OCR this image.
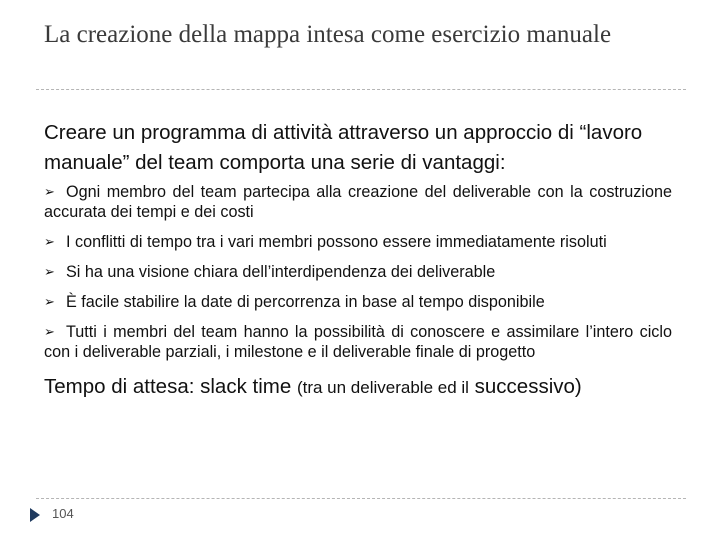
La creazione della mappa intesa come esercizio manuale
Creare un programma di attività attraverso un approccio di “lavoro manuale” del team comporta una serie di vantaggi:
➢ Ogni membro del team partecipa alla creazione del deliverable con la costruzione accurata dei tempi e dei costi
➢ I conflitti di tempo tra i vari membri possono essere immediatamente risoluti
➢ Si ha una visione chiara dell’interdipendenza dei deliverable
➢ È facile stabilire la date di percorrenza in base al tempo disponibile
➢ Tutti i membri del team hanno la possibilità di conoscere e assimilare l’intero ciclo con i deliverable parziali, i milestone e il deliverable finale di progetto
Tempo di attesa: slack time (tra un deliverable ed il successivo)
104
